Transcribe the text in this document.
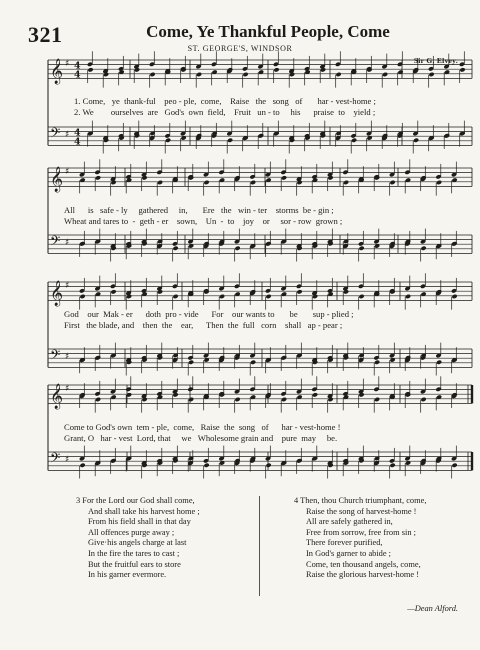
321	Come, Ye Thankful People, Come
ST. GEORGE'S, WINDSOR
Sir G. Elvey.
𝄞 ♯ 4
4
𝄢 ♯ 4
4
𝄞 ♯
𝄢 ♯
𝄞 ♯
𝄢 ♯
𝄞 ♯
𝄢 ♯
1. Come,   ye  thank-ful    peo - ple,  come,    Raise   the   song   of       har - vest-home ;
2. We        ourselves  are   God's  own  field,    Fruit   un - to     his      praise  to    yield ;
All      is   safe - ly     gathered     in,       Ere   the   win - ter    storms  be - gin ;
Wheat and tares to  -  geth - er    sown,    Un  -  to    joy    or     sor - row  grown ;
God    our  Mak - er      doth  pro - vide      For    our wants to       be       sup - plied ;
First   the blade, and    then  the    ear,      Then  the  full   corn    shall   ap - pear ;
Come to God's own  tem - ple,  come,   Raise  the  song   of      har - vest-home !
Grant, O   har - vest  Lord, that     we   Wholesome grain and    pure  may     be.
3 For the Lord our God shall come,
And shall take his harvest home ;
From his field shall in that day
All offences purge away ;
Give·his angels charge at last
In the fire the tares to cast ;
But the fruitful ears to store
In his garner evermore.
4 Then, thou Church triumphant, come,
Raise the song of harvest-home !
All are safely gathered in,
Free from sorrow, free from sin ;
There forever purified,
In God's garner to abide ;
Come, ten thousand angels, come,
Raise the glorious harvest-home !
—Dean Alford.
